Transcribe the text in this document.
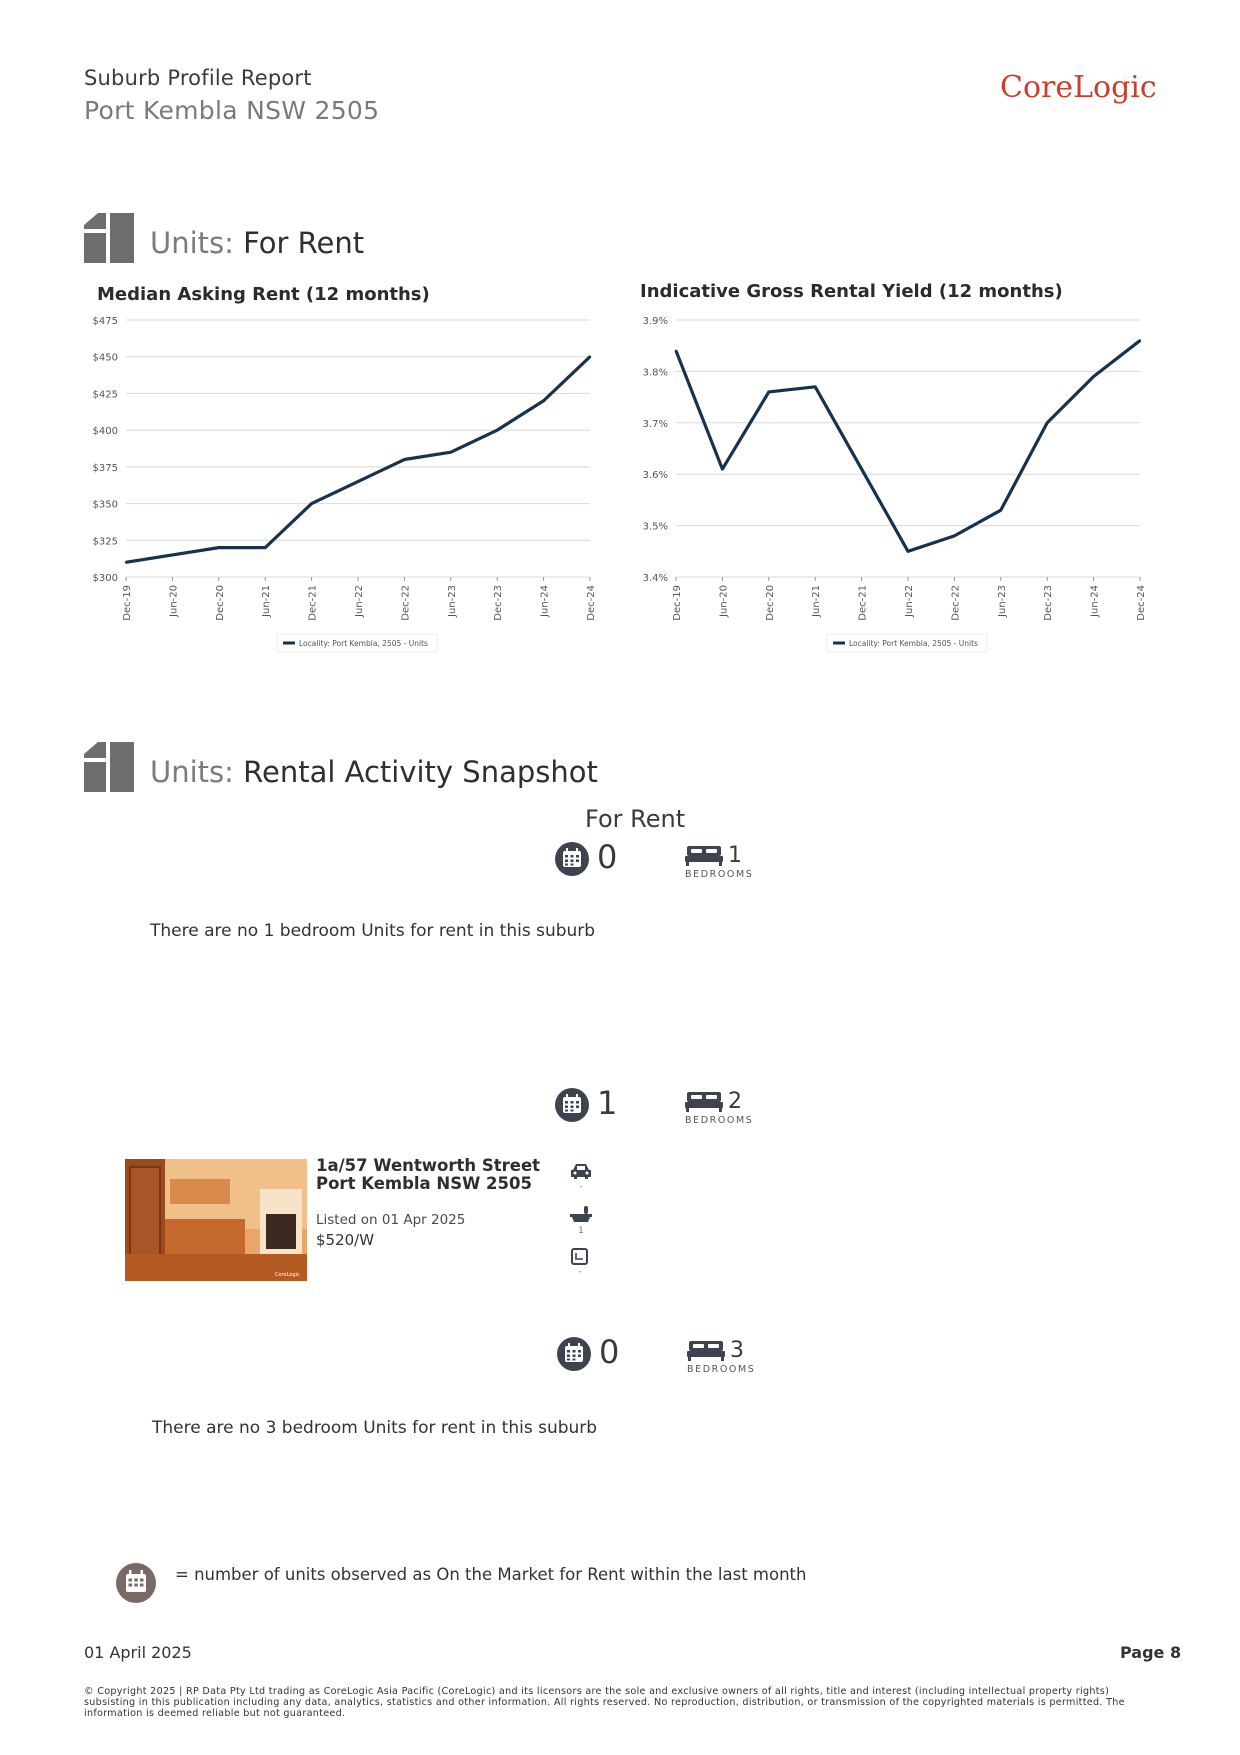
Suburb Profile Report
Port Kembla NSW 2505
CoreLogic
Units: For Rent
Median Asking Rent (12 months)	Indicative Gross Rental Yield (12 months)
$300
$325
$350
$375
$400
$425
$450
$475
Dec-19	Jun-20	Dec-20	Jun-21	Dec-21	Jun-22	Dec-22	Jun-23	Dec-23	Jun-24	Dec-24
Locality: Port Kembla, 2505 - Units
3.4%
3.5%
3.6%
3.7%
3.8%
3.9%
Dec-19	Jun-20	Dec-20	Jun-21	Dec-21	Jun-22	Dec-22	Jun-23	Dec-23	Jun-24	Dec-24
Locality: Port Kembla, 2505 - Units
Units: Rental Activity Snapshot
For Rent
0	1
BEDROOMS
There are no 1 bedroom Units for rent in this suburb
1	2
BEDROOMS
CoreLogic
1a/57 Wentworth Street
Port Kembla NSW 2505
Listed on 01 Apr 2025
$520/W
-
1
-
0	3
BEDROOMS
There are no 3 bedroom Units for rent in this suburb
= number of units observed as On the Market for Rent within the last month
01 April 2025	Page 8
© Copyright 2025 | RP Data Pty Ltd trading as CoreLogic Asia Pacific (CoreLogic) and its licensors are the sole and exclusive owners of all rights, title and interest (including intellectual property rights) subsisting in this publication including any data, analytics, statistics and other information. All rights reserved. No reproduction, distribution, or transmission of the copyrighted materials is permitted. The information is deemed reliable but not guaranteed.
